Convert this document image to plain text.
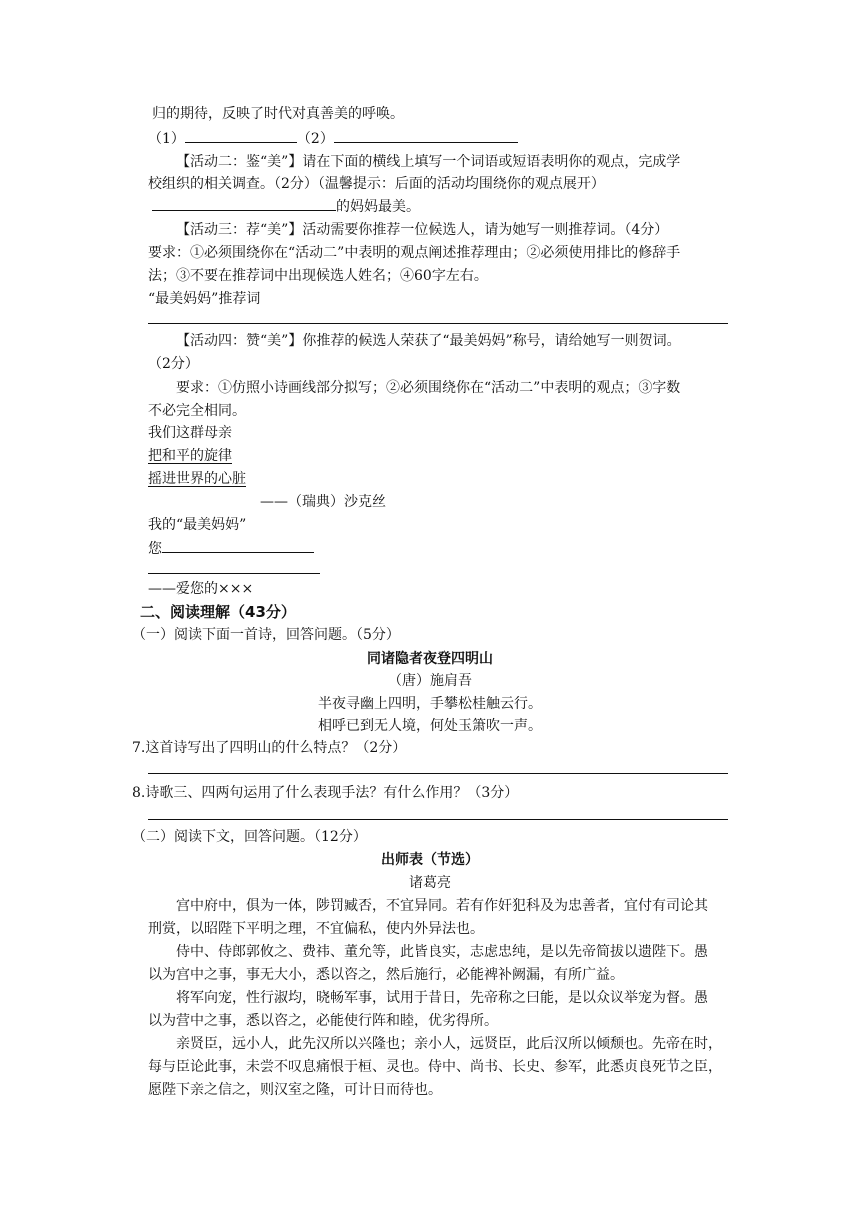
归的期待，反映了时代对真善美的呼唤。
（1）	（2）
【活动二：鉴“美”】请在下面的横线上填写一个词语或短语表明你的观点，完成学
校组织的相关调查。（2分）（温馨提示：后面的活动均围绕你的观点展开）
的妈妈最美。
【活动三：荐“美”】活动需要你推荐一位候选人，请为她写一则推荐词。（4分）
要求：①必须围绕你在“活动二”中表明的观点阐述推荐理由；②必须使用排比的修辞手
法；③不要在推荐词中出现候选人姓名；④60字左右。
“最美妈妈”推荐词
【活动四：赞“美”】你推荐的候选人荣获了“最美妈妈”称号，请给她写一则贺词。
（2分）
要求：①仿照小诗画线部分拟写；②必须围绕你在“活动二”中表明的观点；③字数
不必完全相同。
我们这群母亲
把和平的旋律
摇进世界的心脏
——（瑞典）沙克丝
我的“最美妈妈”
您
——爱您的×××
二、阅读理解（43分）
（一）阅读下面一首诗，回答问题。（5分）
同诸隐者夜登四明山
（唐）施肩吾
半夜寻幽上四明，手攀松桂触云行。
相呼已到无人境，何处玉箫吹一声。
7.这首诗写出了四明山的什么特点？（2分）
8.诗歌三、四两句运用了什么表现手法？有什么作用？（3分）
（二）阅读下文，回答问题。（12分）
出师表（节选）
诸葛亮
宫中府中，俱为一体，陟罚臧否，不宜异同。若有作奸犯科及为忠善者，宜付有司论其
刑赏，以昭陛下平明之理，不宜偏私，使内外异法也。
侍中、侍郎郭攸之、费祎、董允等，此皆良实，志虑忠纯，是以先帝简拔以遗陛下。愚
以为宫中之事，事无大小，悉以咨之，然后施行，必能裨补阙漏，有所广益。
将军向宠，性行淑均，晓畅军事，试用于昔日，先帝称之曰能，是以众议举宠为督。愚
以为营中之事，悉以咨之，必能使行阵和睦，优劣得所。
亲贤臣，远小人，此先汉所以兴隆也；亲小人，远贤臣，此后汉所以倾颓也。先帝在时，
每与臣论此事，未尝不叹息痛恨于桓、灵也。侍中、尚书、长史、参军，此悉贞良死节之臣，
愿陛下亲之信之，则汉室之隆，可计日而待也。
